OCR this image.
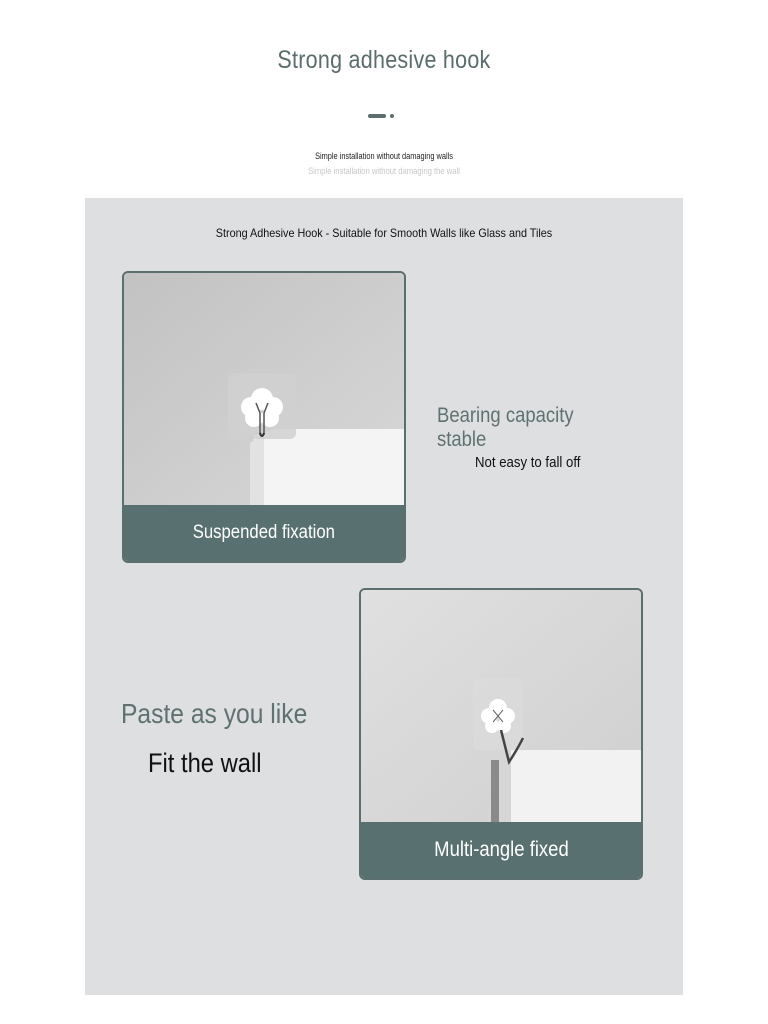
Strong adhesive hook
Simple installation without damaging walls
Simple installation without damaging the wall
Strong Adhesive Hook - Suitable for Smooth Walls like Glass and Tiles
Suspended fixation
Bearing capacity stable
Not easy to fall off
Paste as you like
Fit the wall
Multi-angle fixed
